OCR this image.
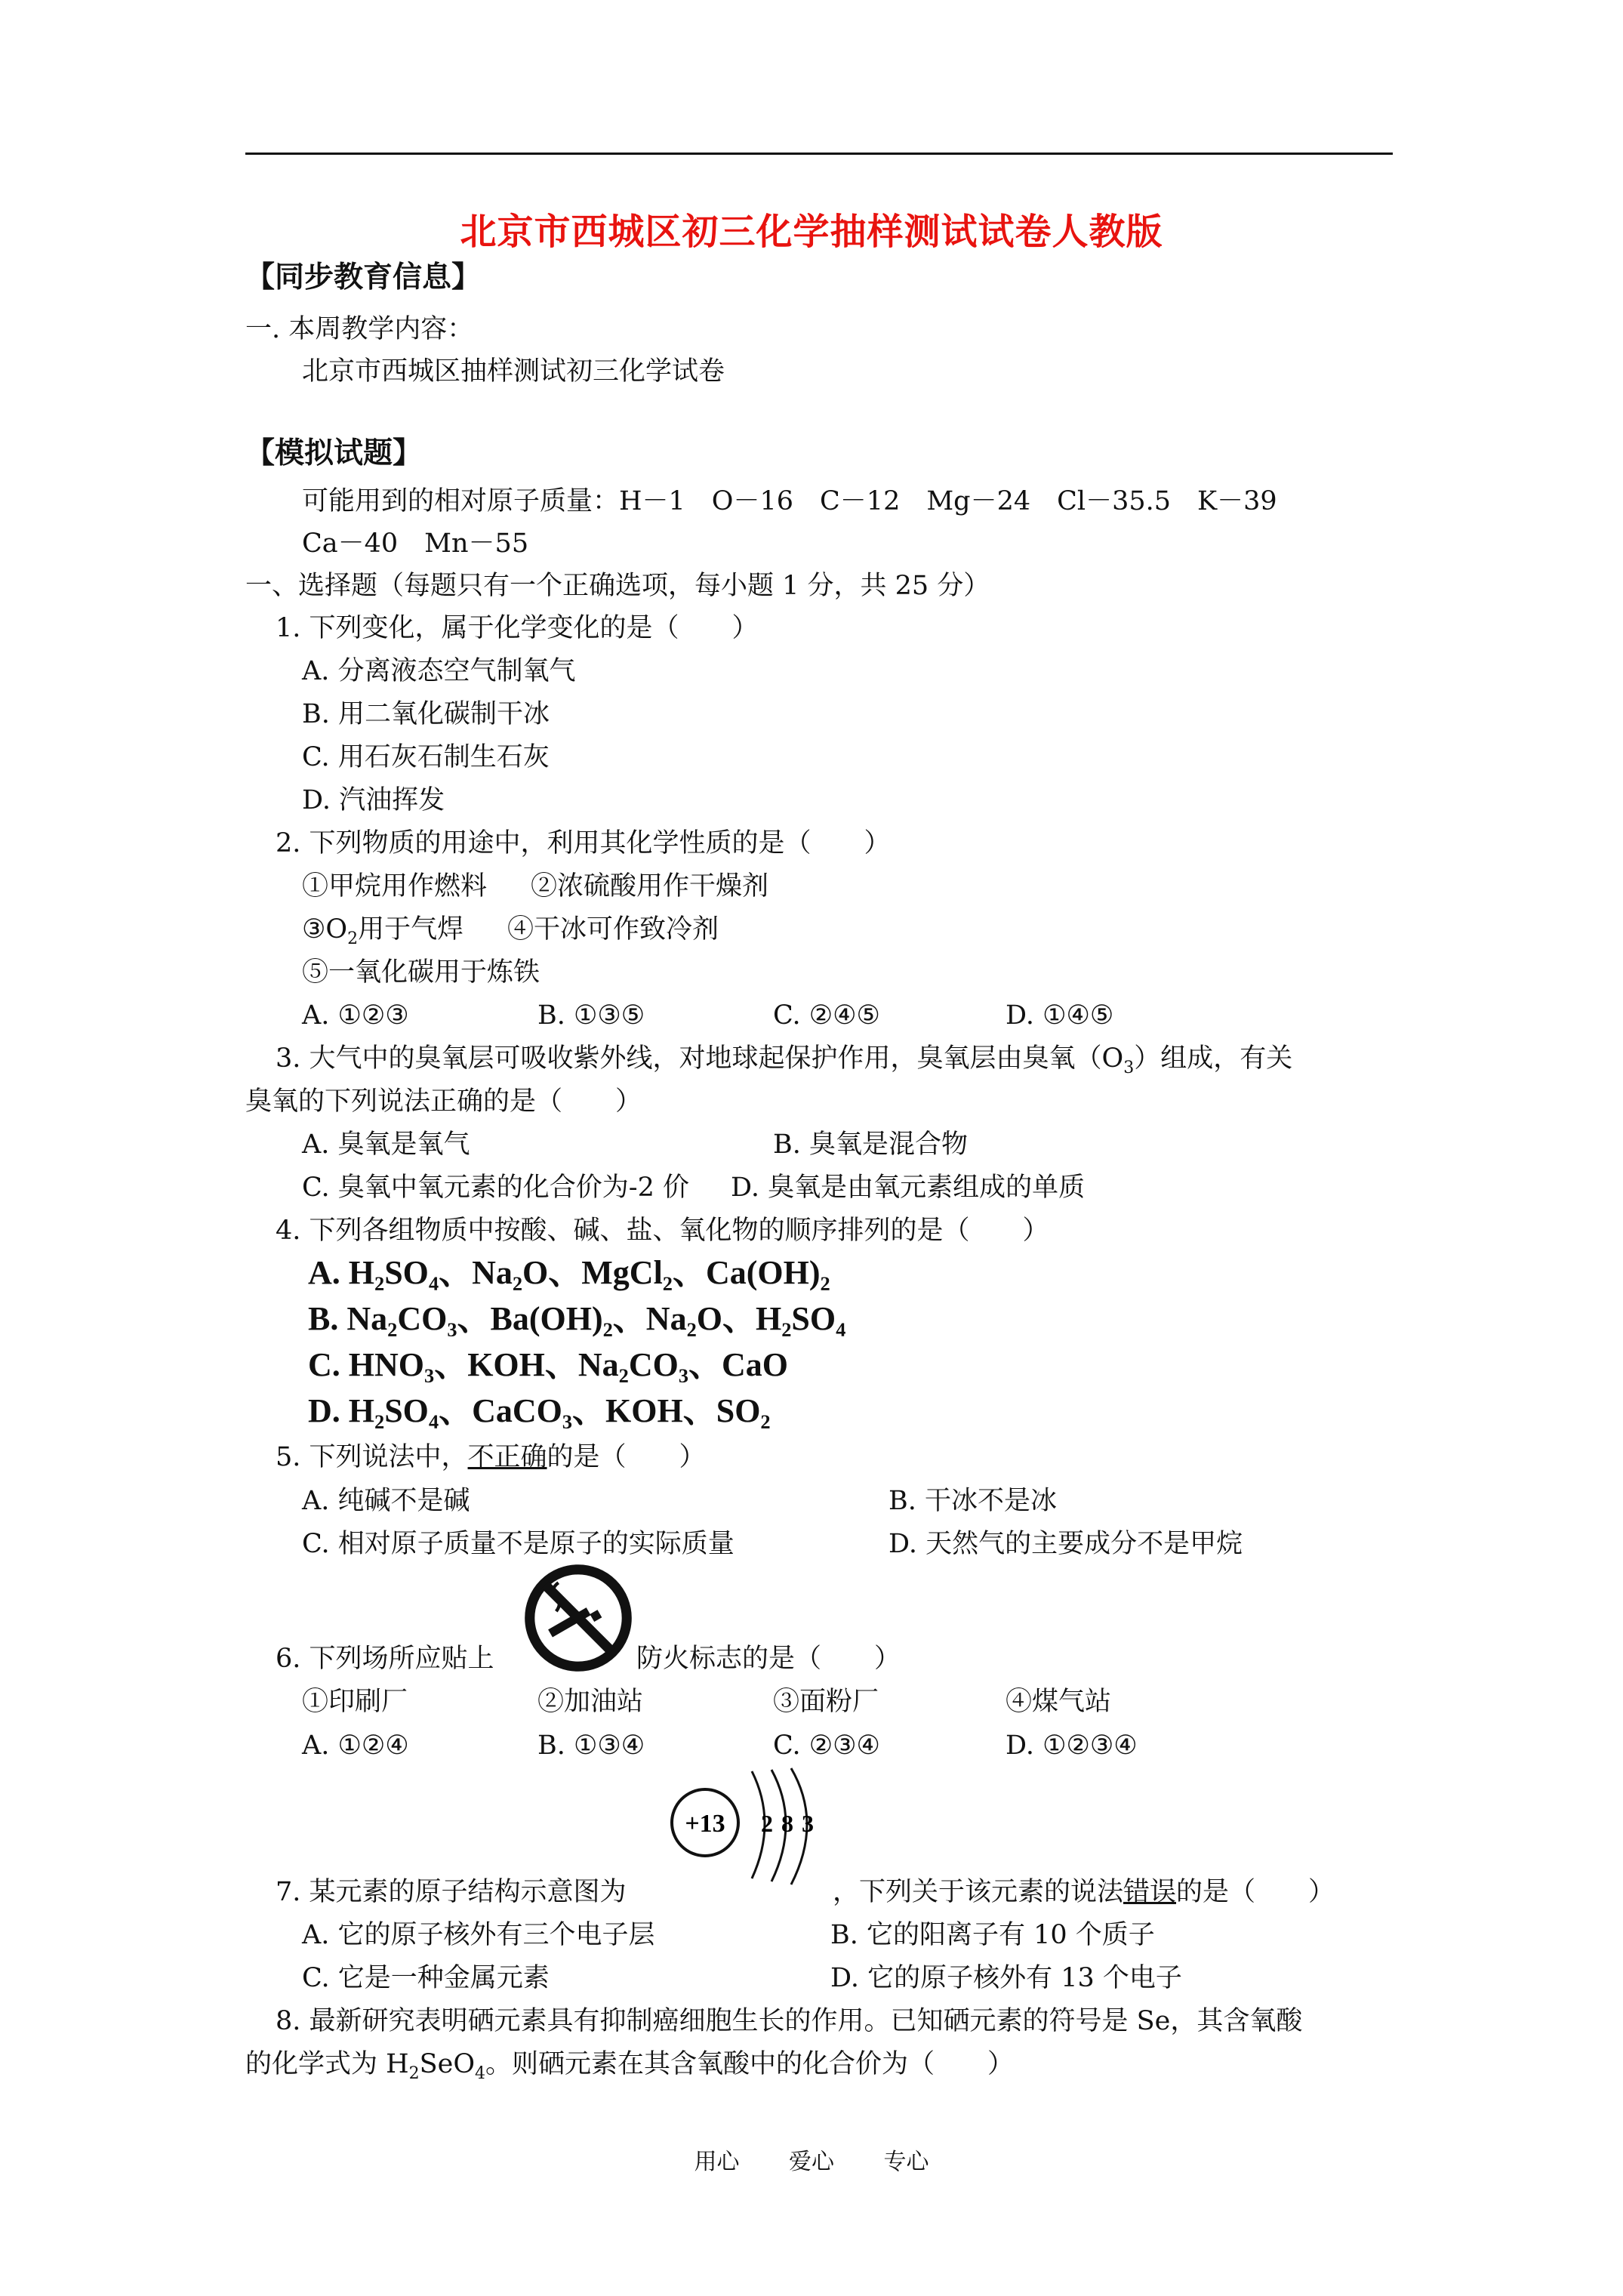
北京市西城区初三化学抽样测试试卷人教版
【同步教育信息】
一. 本周教学内容：
北京市西城区抽样测试初三化学试卷
【模拟试题】
可能用到的相对原子质量：H－1　O－16　C－12　Mg－24　Cl－35.5　K－39
Ca－40　Mn－55
一、选择题（每题只有一个正确选项，每小题 1 分，共 25 分）
1. 下列变化，属于化学变化的是（　　）
A. 分离液态空气制氧气
B. 用二氧化碳制干冰
C. 用石灰石制生石灰
D. 汽油挥发
2. 下列物质的用途中，利用其化学性质的是（　　）
①甲烷用作燃料 ②浓硫酸用作干燥剂
$③O_2$用于气焊 ④干冰可作致冷剂
⑤一氧化碳用于炼铁
A. ①②③	B. ①③⑤	C. ②④⑤	D. ①④⑤
3. 大气中的臭氧层可吸收紫外线，对地球起保护作用，臭氧层由臭氧$(O_3)$组成，有关
臭氧的下列说法正确的是（　　）
A. 臭氧是氧气	B. 臭氧是混合物
C. 臭氧中氧元素的化合价为-2 价 D. 臭氧是由氧元素组成的单质
4. 下列各组物质中按酸、碱、盐、氧化物的顺序排列的是（　　）
A. H₂SO₄、Na₂O、MgCl₂、Ca(OH)₂
B. Na₂CO₃、Ba(OH)₂、Na₂O、H₂SO₄
C. HNO₃、KOH、Na₂CO₃、CaO
D. H₂SO₄、CaCO₃、KOH、SO₂
5. 下列说法中，不正确的是（　　）
A. 纯碱不是碱	B. 干冰不是冰
C. 相对原子质量不是原子的实际质量	D. 天然气的主要成分不是甲烷
6. 下列场所应贴上	防火标志的是（　　）
①印刷厂	②加油站	③面粉厂	④煤气站
A. ①②④	B. ①③④	C. ②③④	D. ①②③④
+13 2 8 3
7. 某元素的原子结构示意图为	，下列关于该元素的说法错误的是（　　）
A. 它的原子核外有三个电子层	B. 它的阳离子有 10 个质子
C. 它是一种金属元素	D. 它的原子核外有 13 个电子
8. 最新研究表明硒元素具有抑制癌细胞生长的作用。已知硒元素的符号是 Se，其含氧酸
的化学式为 $H_2SeO_4$。则硒元素在其含氧酸中的化合价为（　　）
用心 爱心 专心
